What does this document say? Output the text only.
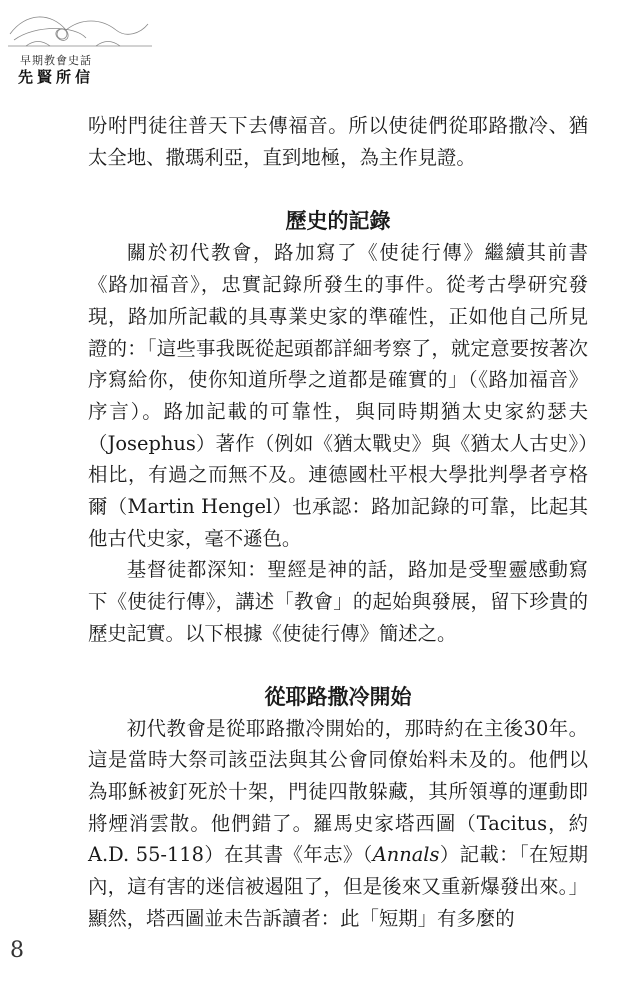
早期教會史話
先賢所信

吩咐門徒往普天下去傳福音。所以使徒們從耶路撒冷、猶太全地、撒瑪利亞，直到地極，為主作見證。

歷史的記錄

關於初代教會，路加寫了《使徒行傳》繼續其前書《路加福音》，忠實記錄所發生的事件。從考古學研究發現，路加所記載的具專業史家的準確性，正如他自己所見證的：「這些事我既從起頭都詳細考察了，就定意要按著次序寫給你，使你知道所學之道都是確實的」（《路加福音》序言）。路加記載的可靠性，與同時期猶太史家約瑟夫（Josephus）著作（例如《猶太戰史》與《猶太人古史》）相比，有過之而無不及。連德國杜平根大學批判學者亨格爾（Martin Hengel）也承認：路加記錄的可靠，比起其他古代史家，毫不遜色。

基督徒都深知：聖經是神的話，路加是受聖靈感動寫下《使徒行傳》，講述「教會」的起始與發展，留下珍貴的歷史記實。以下根據《使徒行傳》簡述之。

從耶路撒冷開始

初代教會是從耶路撒冷開始的，那時約在主後30年。這是當時大祭司該亞法與其公會同僚始料未及的。他們以為耶穌被釘死於十架，門徒四散躲藏，其所領導的運動即將煙消雲散。他們錯了。羅馬史家塔西圖（Tacitus，約A.D. 55-118）在其書《年志》（Annals）記載：「在短期內，這有害的迷信被遏阻了，但是後來又重新爆發出來。」顯然，塔西圖並未告訴讀者：此「短期」有多麼的

8
